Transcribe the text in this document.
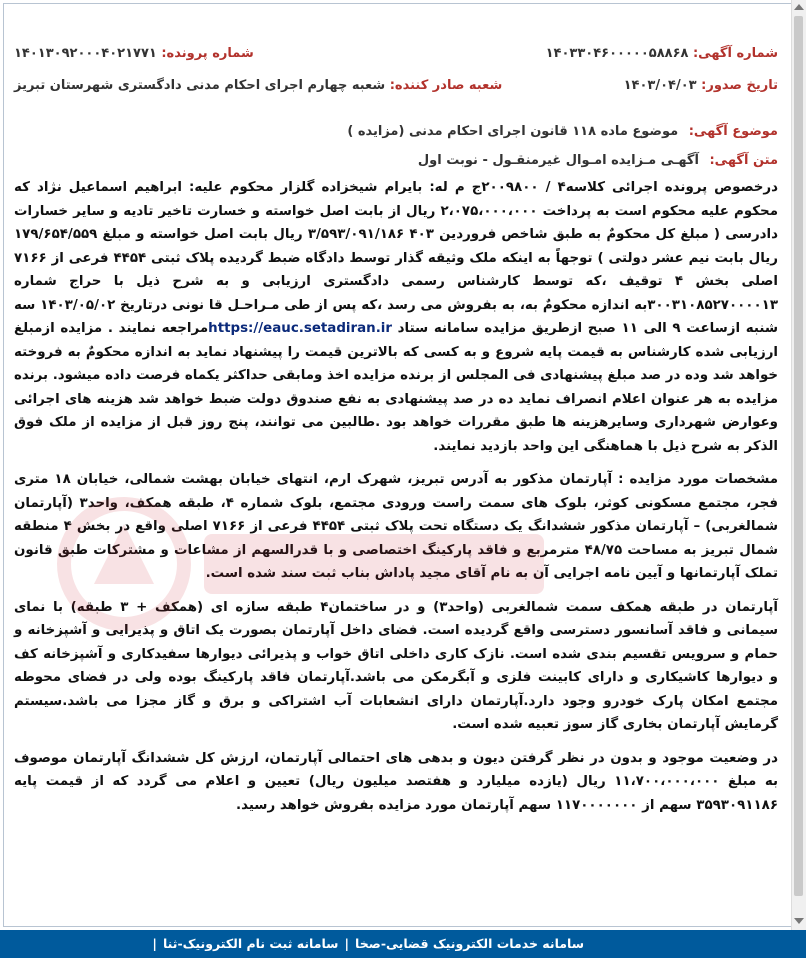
شماره آگهی: ۱۴۰۳۳۰۴۶۰۰۰۰۰۵۸۸۶۸
شماره پرونده: ۱۴۰۱۳۰۹۲۰۰۰۴۰۲۱۷۷۱
تاریخ صدور: ۱۴۰۳/۰۴/۰۳
شعبه صادر کننده: شعبه چهارم اجرای احکام مدنی دادگستری شهرستان تبریز
موضوع آگهی: موضوع ماده ۱۱۸ قانون اجرای احکام مدنی (مزایده )
متن آگهی: آگهـی مـزایده امـوال غیرمنقـول - نوبت اول

درخصوص پرونده اجرائی کلاسه۴ / ۲۰۰۹۸۰۰ج م له: بایرام شیخزاده گلزار محکوم علیه: ابراهیم اسماعیل نژاد که محکوم علیه محکوم است به پرداخت ۲،۰۷۵،۰۰۰،۰۰۰ ریال از بابت اصل خواسته و خسارت تاخیر تادیه و سایر خسارات دادرسی ( مبلغ کل محکومٌ به طبق شاخص فروردین ۴۰۳ ۳/۵۹۳/۰۹۱/۱۸۶ ریال بابت اصل خواسته و مبلغ ۱۷۹/۶۵۴/۵۵۹ ریال بابت نیم عشر دولتی ) توجهاً به اینکه ملک وثیقه گذار توسط دادگاه ضبط گردیده پلاک ثبتی ۴۴۵۴ فرعی از ۷۱۶۶ اصلی بخش ۴ توقیف ،که توسط کارشناس رسمی دادگستری ارزیابی و به شرح ذیل با حراج شماره ۳۰۰۳۱۰۸۵۲۷۰۰۰۰۱۳به اندازه محکومٌ به، به بفروش می رسد ،که پس از طی مـراحـل قا نونی درتاریخ ۱۴۰۳/۰۵/۰۲ سه شنبه ازساعت ۹ الی ۱۱ صبح ازطریق مزایده سامانه ستاد https://eauc.setadiran.irمراجعه نمایند . مزایده ازمبلغ ارزیابی شده کارشناس به قیمت پایه شروع و به کسی که بالاترین قیمت را پیشنهاد نماید به اندازه محکومٌ به فروخته خواهد شد وده در صد مبلغ پیشنهادی فی المجلس از برنده مزایده اخذ ومابقی حداکثر یکماه فرصت داده میشود. برنده مزایده به هر عنوان اعلام انصراف نماید ده در صد پیشنهادی به نفع صندوق دولت ضبط خواهد شد هزینه های اجرائی وعوارض شهرداری وسایرهزینه ها طبق مقررات خواهد بود .طالبین می توانند، پنج روز قبل از مزایده از ملک فوق الذکر به شرح ذیل با هماهنگی این واحد بازدید نمایند.

مشخصات مورد مزایده : آپارتمان مذکور به آدرس تبریز، شهرک ارم، انتهای خیابان بهشت شمالی، خیابان ۱۸ متری فجر، مجتمع مسکونی کوثر، بلوک های سمت راست ورودی مجتمع، بلوک شماره ۴، طبقه همکف، واحد۳ (آپارتمان شمالغربی) – آپارتمان مذکور ششدانگ یک دستگاه تحت پلاک ثبتی ۴۴۵۴ فرعی از ۷۱۶۶ اصلی واقع در بخش ۴ منطقه شمال تبریز به مساحت ۴۸/۷۵ مترمربع و فاقد پارکینگ اختصاصی و با قدرالسهم از مشاعات و مشترکات طبق قانون تملک آپارتمانها و آیین نامه اجرایی آن به نام آقای مجید پاداش بناب ثبت سند شده است.

آپارتمان در طبقه همکف سمت شمالغربی (واحد۳) و در ساختمان۴ طبقه سازه ای (همکف + ۳ طبقه) با نمای سیمانی و فاقد آسانسور دسترسی واقع گردیده است. فضای داخل آپارتمان بصورت یک اتاق و پذیرایی و آشپزخانه و حمام و سرویس تقسیم بندی شده است. نازک کاری داخلی اتاق خواب و پذیرائی دیوارها سفیدکاری و آشپزخانه کف و دیوارها کاشیکاری و دارای کابینت فلزی و آبگرمکن می باشد.آپارتمان فاقد پارکینگ بوده ولی در فضای محوطه مجتمع امکان پارک خودرو وجود دارد.آپارتمان دارای انشعابات آب اشتراکی و برق و گاز مجزا می باشد.سیستم گرمایش آپارتمان بخاری گاز سوز تعبیه شده است.

در وضعیت موجود و بدون در نظر گرفتن دیون و بدهی های احتمالی آپارتمان، ارزش کل ششدانگ آپارتمان موصوف به مبلغ ۱۱،۷۰۰،۰۰۰،۰۰۰ ریال (یازده میلیارد و هفتصد میلیون ریال) تعیین و اعلام می گردد که از قیمت پایه ۳۵۹۳۰۹۱۱۸۶ سهم از ۱۱۷۰۰۰۰۰۰۰ سهم آپارتمان مورد مزایده بفروش خواهد رسید.

سامانه خدمات الکترونیک قضایی-صخا
|
سامانه ثبت نام الکترونیک-ثنا
|
